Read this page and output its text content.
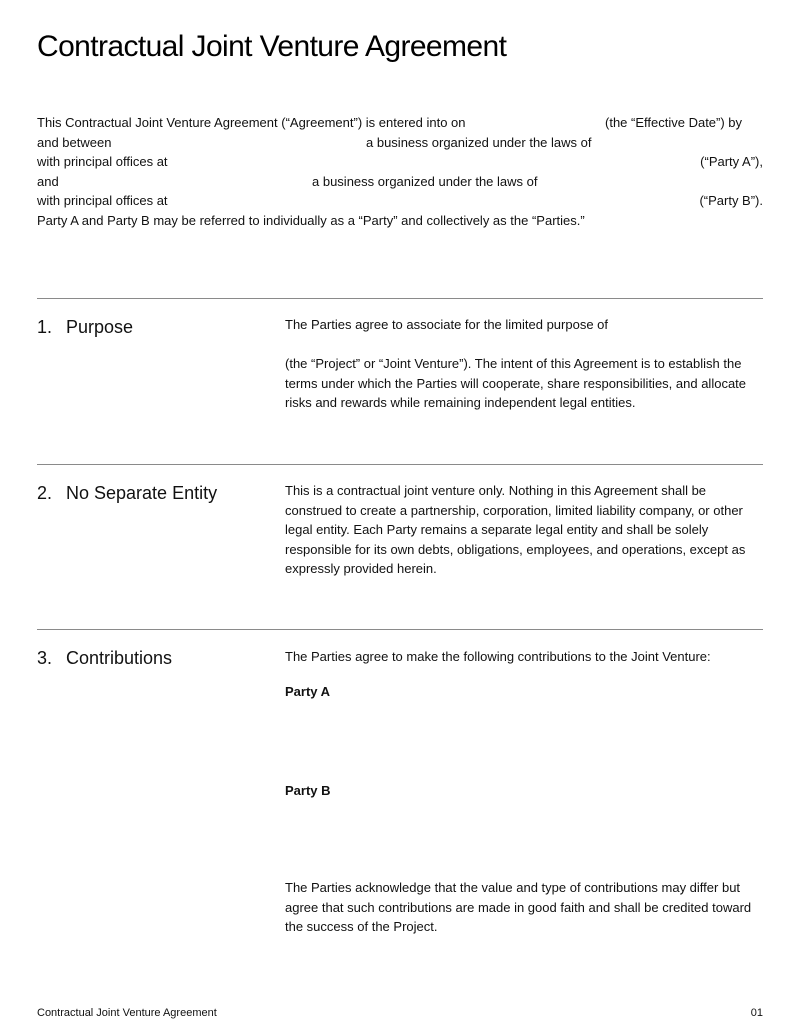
Contractual Joint Venture Agreement
This Contractual Joint Venture Agreement (“Agreement”) is entered into on	(the “Effective Date”) by
and between	a business organized under the laws of
with principal offices at	(“Party A”),
and	a business organized under the laws of
with principal offices at	(“Party B”).
Party A and Party B may be referred to individually as a “Party” and collectively as the “Parties.”
1. Purpose	The Parties agree to associate for the limited purpose of

(the “Project” or “Joint Venture”). The intent of this Agreement is to establish the terms under which the Parties will cooperate, share responsibilities, and allocate risks and rewards while remaining independent legal entities.

2. No Separate Entity	This is a contractual joint venture only. Nothing in this Agreement shall be construed to create a partnership, corporation, limited liability company, or other legal entity. Each Party remains a separate legal entity and shall be solely responsible for its own debts, obligations, employees, and operations, except as expressly provided herein.

3. Contributions	The Parties agree to make the following contributions to the Joint Venture:

Party A
Party B

The Parties acknowledge that the value and type of contributions may differ but agree that such contributions are made in good faith and shall be credited toward the success of the Project.

Contractual Joint Venture Agreement	01
